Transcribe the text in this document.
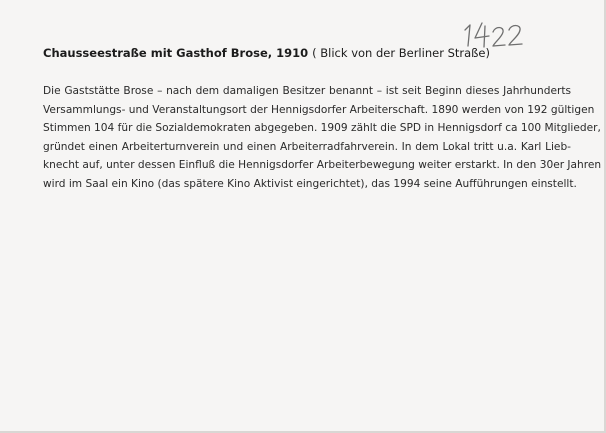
Chausseestraße mit Gasthof Brose, 1910 ( Blick von der Berliner Straße)
Die Gaststätte Brose – nach dem damaligen Besitzer benannt – ist seit Beginn dieses Jahrhunderts
Versammlungs- und Veranstaltungsort der Hennigsdorfer Arbeiterschaft. 1890 werden von 192 gültigen
Stimmen 104 für die Sozialdemokraten abgegeben. 1909 zählt die SPD in Hennigsdorf ca 100 Mitglieder,
gründet einen Arbeiterturnverein und einen Arbeiterradfahrverein. In dem Lokal tritt u.a. Karl Lieb-
knecht auf, unter dessen Einfluß die Hennigsdorfer Arbeiterbewegung weiter erstarkt. In den 30er Jahren
wird im Saal ein Kino (das spätere Kino Aktivist eingerichtet), das 1994 seine Aufführungen einstellt.
